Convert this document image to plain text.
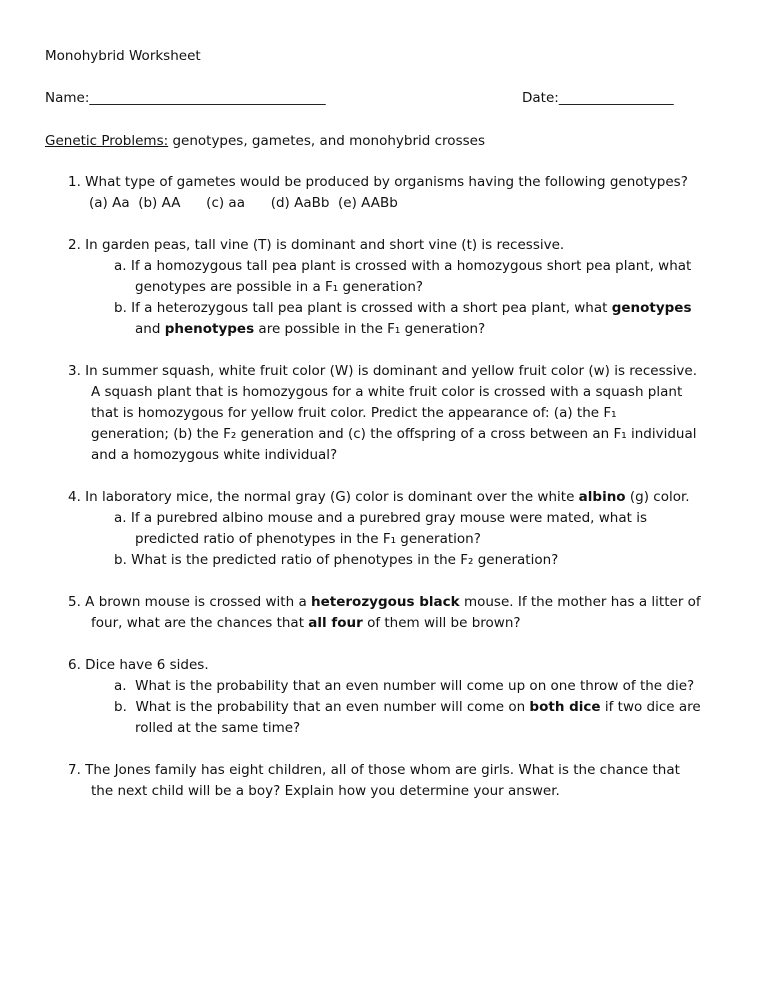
Monohybrid Worksheet
Name:___________________________________	Date:_________________
Genetic Problems: genotypes, gametes, and monohybrid crosses
1. What type of gametes would be produced by organisms having the following genotypes?
(a) Aa  (b) AA      (c) aa      (d) AaBb  (e) AABb
2. In garden peas, tall vine (T) is dominant and short vine (t) is recessive.
a. If a homozygous tall pea plant is crossed with a homozygous short pea plant, what
genotypes are possible in a F₁ generation?
b. If a heterozygous tall pea plant is crossed with a short pea plant, what genotypes
and phenotypes are possible in the F₁ generation?
3. In summer squash, white fruit color (W) is dominant and yellow fruit color (w) is recessive.
A squash plant that is homozygous for a white fruit color is crossed with a squash plant
that is homozygous for yellow fruit color. Predict the appearance of: (a) the F₁
generation; (b) the F₂ generation and (c) the offspring of a cross between an F₁ individual
and a homozygous white individual?
4. In laboratory mice, the normal gray (G) color is dominant over the white albino (g) color.
a. If a purebred albino mouse and a purebred gray mouse were mated, what is
predicted ratio of phenotypes in the F₁ generation?
b. What is the predicted ratio of phenotypes in the F₂ generation?
5. A brown mouse is crossed with a heterozygous black mouse. If the mother has a litter of
four, what are the chances that all four of them will be brown?
6. Dice have 6 sides.
a.  What is the probability that an even number will come up on one throw of the die?
b.  What is the probability that an even number will come on both dice if two dice are
rolled at the same time?
7. The Jones family has eight children, all of those whom are girls. What is the chance that
the next child will be a boy? Explain how you determine your answer.
